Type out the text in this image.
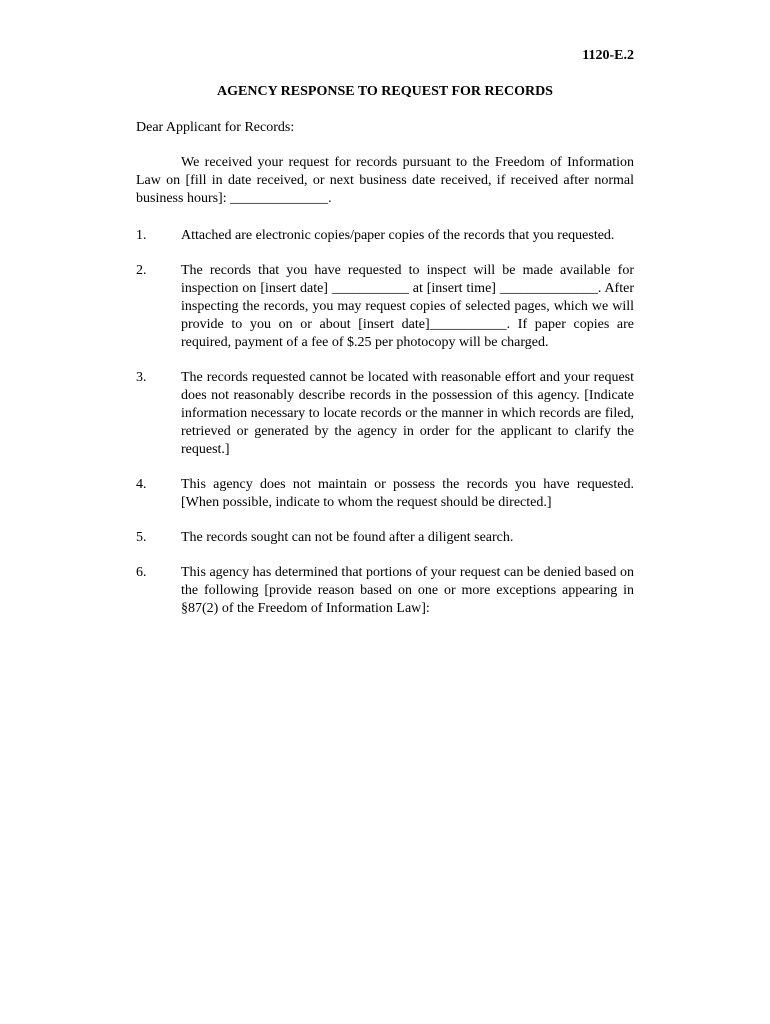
1120-E.2
AGENCY RESPONSE TO REQUEST FOR RECORDS
Dear Applicant for Records:

We received your request for records pursuant to the Freedom of Information Law on [fill in date received, or next business date received, if received after normal business hours]: ______________.

1.	Attached are electronic copies/paper copies of the records that you requested.
2.	The records that you have requested to inspect will be made available for inspection on [insert date] ___________ at [insert time] ______________. After inspecting the records, you may request copies of selected pages, which we will provide to you on or about [insert date]___________. If paper copies are required, payment of a fee of $.25 per photocopy will be charged.
3.	The records requested cannot be located with reasonable effort and your request does not reasonably describe records in the possession of this agency. [Indicate information necessary to locate records or the manner in which records are filed, retrieved or generated by the agency in order for the applicant to clarify the request.]
4.	This agency does not maintain or possess the records you have requested. [When possible, indicate to whom the request should be directed.]
5.	The records sought can not be found after a diligent search.
6.	This agency has determined that portions of your request can be denied based on the following [provide reason based on one or more exceptions appearing in §87(2) of the Freedom of Information Law]:
